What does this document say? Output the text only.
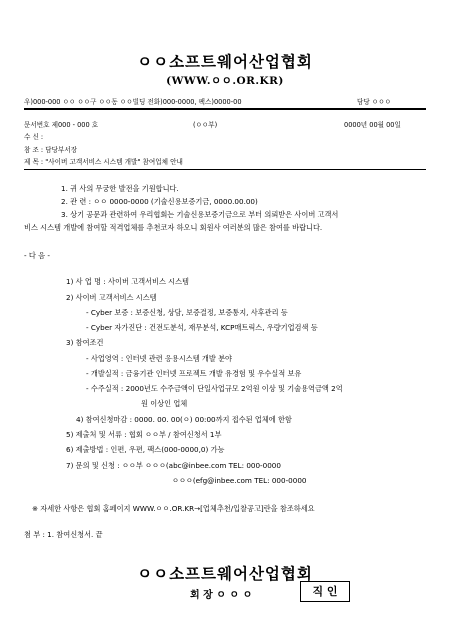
ㅇㅇ소프트웨어산업협회
(WWW.ㅇㅇ.OR.KR)
우)000-000 ㅇㅇ ㅇㅇ구 ㅇㅇ동 ㅇㅇ빌딩 전화)000-0000, 팩스)0000-00	담당 ㅇㅇㅇ
문서번호 제000 - 000 호	(ㅇㅇ부)	0000년 00월 00일
수 신 :
참 조 : 담당부서장
제 목 : "사이버 고객서비스 시스템 개발" 참여업체 안내
1. 귀 사의 무궁한 발전을 기원합니다.
2. 관 련 : ㅇㅇ 0000-0000 (기술신용보증기금, 0000.00.00)
3. 상기 공문과 관련하여 우리협회는 기술신용보증기금으로 부터 의뢰받은 사이버 고객서
비스 시스템 개발에 참여할 적격업체를 추천코자 하오니 회원사 여러분의 많은 참여를 바랍니다.
- 다 음 -
1) 사 업 명 : 사이버 고객서비스 시스템
2) 사이버 고객서비스 시스템
- Cyber 보증 : 보증신청, 상담, 보증결정, 보증통지, 사후관리 등
- Cyber 자가진단 : 건전도분석, 재무분석, KCP매트릭스, 우량기업검색 등
3) 참여조건
- 사업영역 : 인터넷 관련 응용시스템 개발 분야
- 개발실적 : 금융기관 인터넷 프로젝트 개발 유경험 및 우수실적 보유
- 수주실적 : 2000년도 수주금액이 단일사업규모 2억원 이상 및 기술용역금액 2억
원 이상인 업체
4) 참여신청마감 : 0000. 00. 00(ㅇ) 00:00까지 접수된 업체에 한함
5) 제출처 및 서류 : 협회 ㅇㅇ부 / 참여신청서 1부
6) 제출방법 : 인편, 우편, 팩스(000-0000,0) 가능
7) 문의 및 신청 : ㅇㅇ부 ㅇㅇㅇ(abc@inbee.com TEL: 000-0000
ㅇㅇㅇ(efg@inbee.com TEL: 000-0000
※ 자세한 사항은 협회 홈페이지 WWW.ㅇㅇ.OR.KR→[업체추천/입찰공고]란을 참조하세요
첨 부 : 1. 참여신청서. 끝
ㅇㅇ소프트웨어산업협회
회 장 ㅇ ㅇ ㅇ	직 인
